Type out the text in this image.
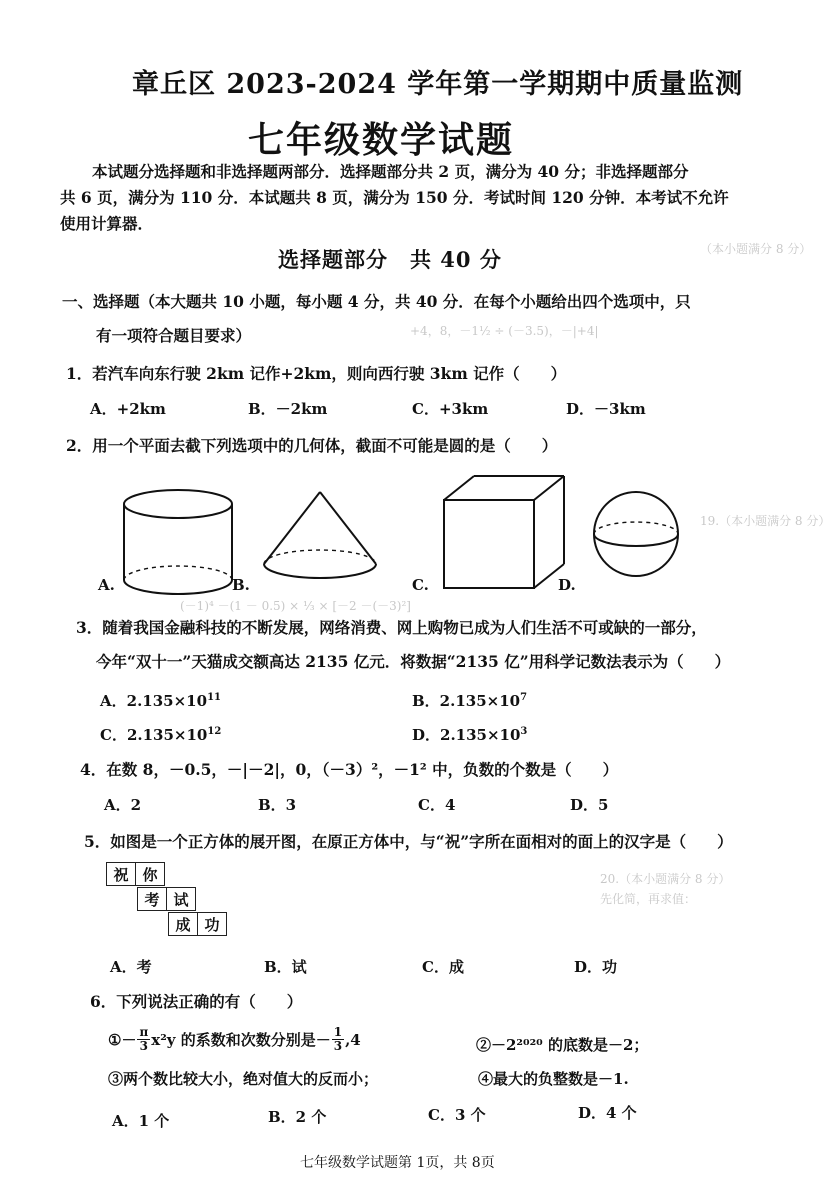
（本小题满分 8 分）
+4，8，－1½ ÷ (－3.5)，－|+4|
19.（本小题满分 8 分）
(－1)⁴ －(1 － 0.5) × ⅓ × [－2 －(－3)²]
20.（本小题满分 8 分）
先化简，再求值：
章丘区 2023-2024 学年第一学期期中质量监测
七年级数学试题
本试题分选择题和非选择题两部分．选择题部分共 2 页，满分为 40 分；非选择题部分
共 6 页，满分为 110 分．本试题共 8 页，满分为 150 分．考试时间 120 分钟．本考试不允许
使用计算器．
选择题部分　共 40 分
一、选择题（本大题共 10 小题，每小题 4 分，共 40 分．在每个小题给出四个选项中，只
有一项符合题目要求）
1．若汽车向东行驶 2km 记作+2km，则向西行驶 3km 记作（　　）
A．+2km	B．－2km	C．+3km	D．－3km
2．用一个平面去截下列选项中的几何体，截面不可能是圆的是（　　）
A.	B.	C.	D.
3．随着我国金融科技的不断发展，网络消费、网上购物已成为人们生活不可或缺的一部分，
今年“双十一”天猫成交额高达 2135 亿元．将数据“2135 亿”用科学记数法表示为（　　）
A．$2.135\times 10^{11}$	B．$2.135\times 10^7$
C．$2.135\times 10^{12}$	D．$2.135\times 10^3$
4．在数 8，－0.5，－|－2|，0，（－3）²，－1² 中，负数的个数是（　　）
A．2	B．3	C．4	D．5
5．如图是一个正方体的展开图，在原正方体中，与“祝”字所在面相对的面上的汉字是（　　）
祝	你
考	试
成	功
A．考	B．试	C．成	D．功
6．下列说法正确的有（　　）
①－ $\frac{\pi}{3} x^2y$ 的系数和次数分别是－ $\frac{1}{3} ,4$	②－2²⁰²⁰ 的底数是－2；
③两个数比较大小，绝对值大的反而小；	④最大的负整数是－1.
A．1 个	B．2 个	C．3 个	D．4 个
七年级数学试题第 1页，共 8页
